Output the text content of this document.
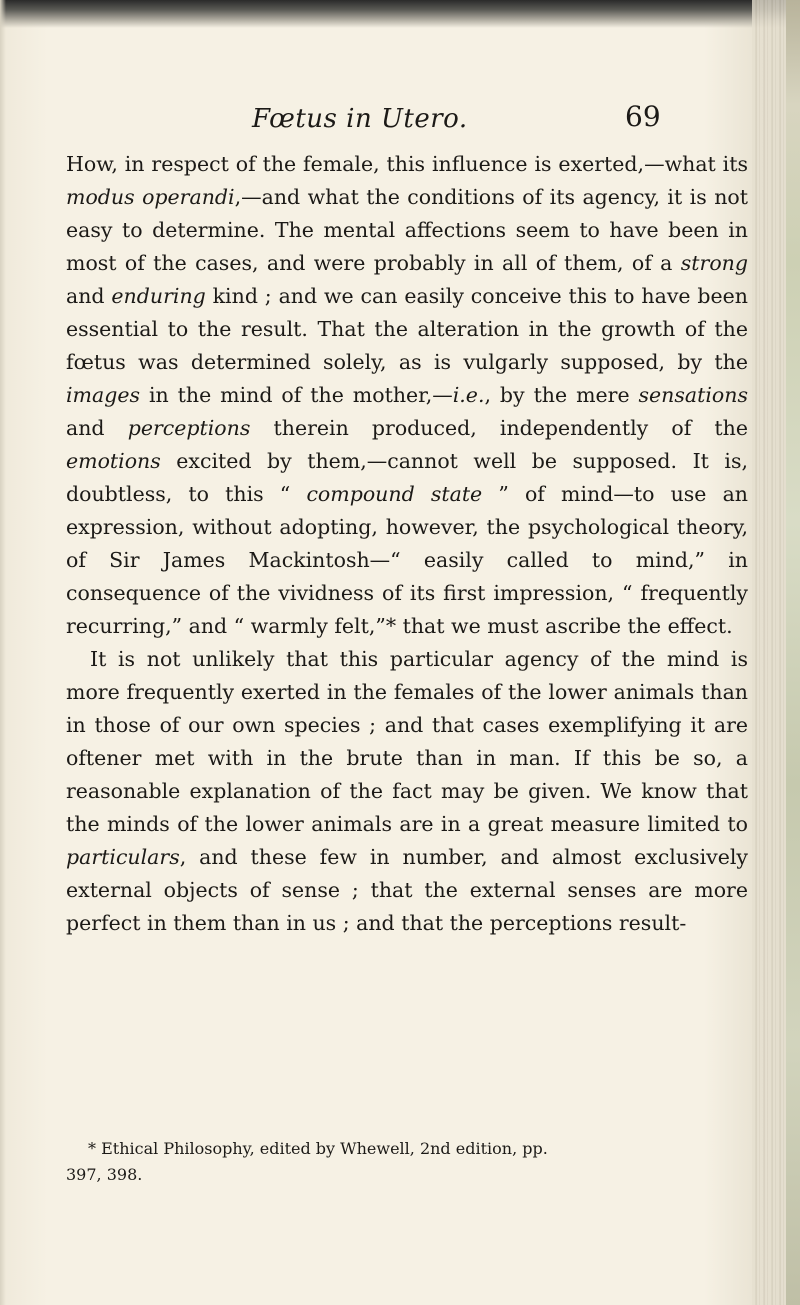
Fœtus in Utero.	69

How, in respect of the female, this influence is exerted,—what its modus operandi,—and what the conditions of its agency, it is not easy to determine. The mental affections seem to have been in most of the cases, and were probably in all of them, of a strong and enduring kind ; and we can easily conceive this to have been essential to the result. That the alteration in the growth of the fœtus was determined solely, as is vulgarly supposed, by the images in the mind of the mother,—i.e., by the mere sensations and perceptions therein produced, independently of the emotions excited by them,—cannot well be supposed. It is, doubtless, to this “ compound state ” of mind—to use an expression, without adopting, however, the psychological theory, of Sir James Mackintosh—“ easily called to mind,” in consequence of the vividness of its first impression, “ frequently recurring,” and “ warmly felt,”* that we must ascribe the effect.

It is not unlikely that this particular agency of the mind is more frequently exerted in the females of the lower animals than in those of our own species ; and that cases exemplifying it are oftener met with in the brute than in man. If this be so, a reasonable explanation of the fact may be given. We know that the minds of the lower animals are in a great measure limited to particulars, and these few in number, and almost exclusively external objects of sense ; that the external senses are more perfect in them than in us ; and that the perceptions result-

* Ethical Philosophy, edited by Whewell, 2nd edition, pp.
397, 398.
